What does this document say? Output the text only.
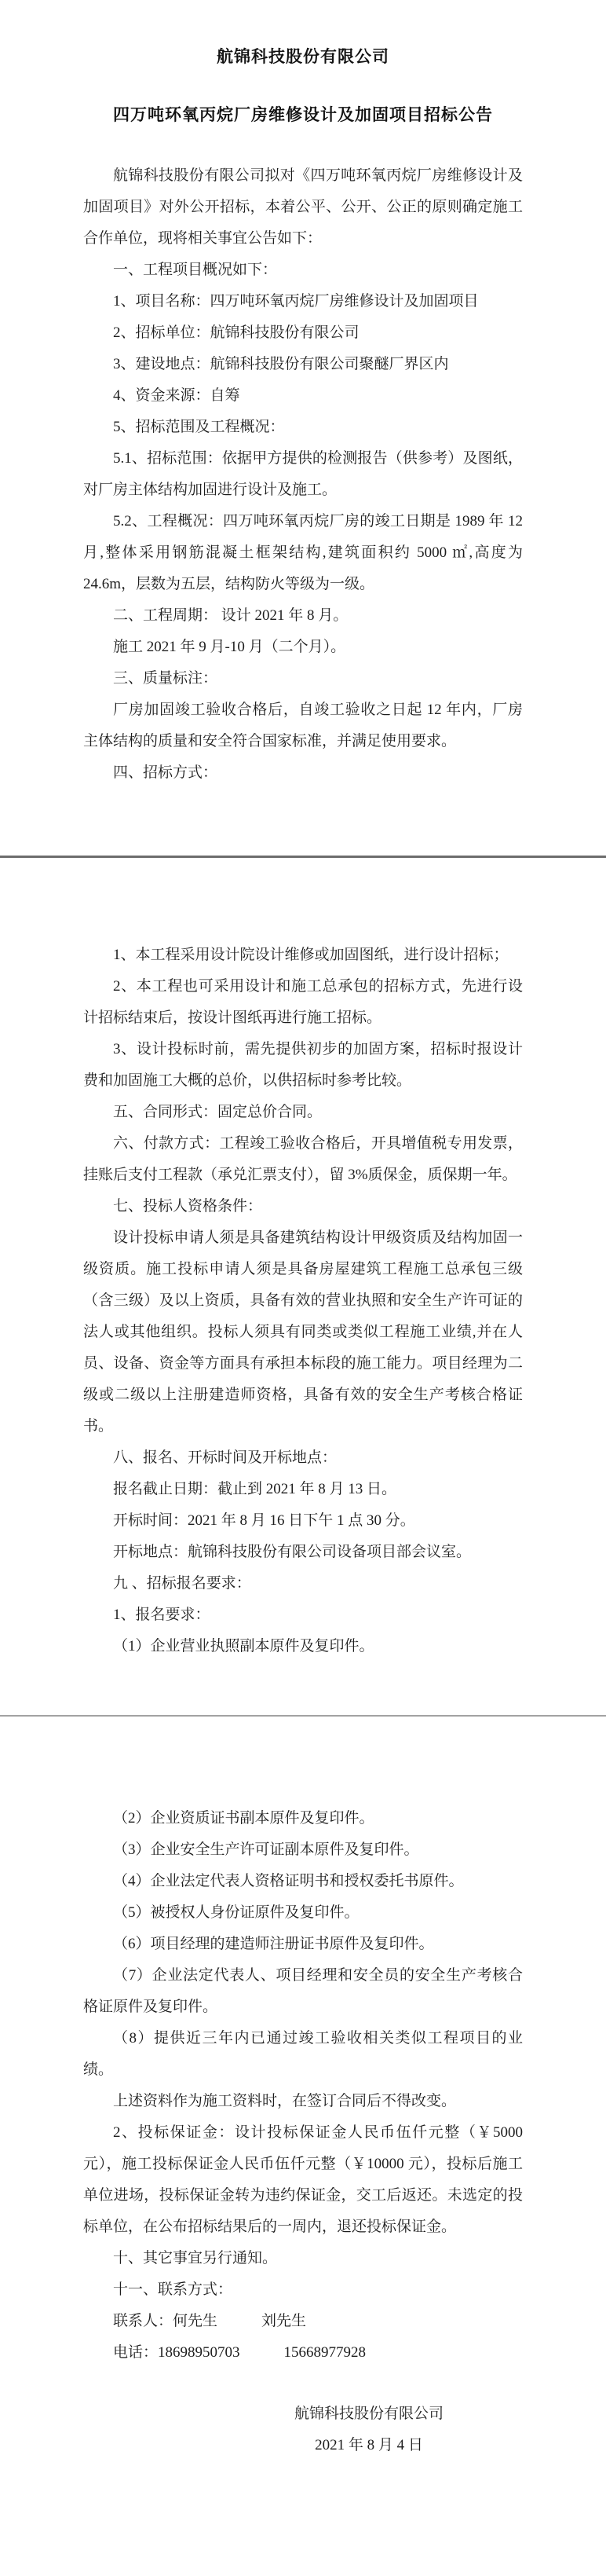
航锦科技股份有限公司
四万吨环氧丙烷厂房维修设计及加固项目招标公告

航锦科技股份有限公司拟对《四万吨环氧丙烷厂房维修设计及加固项目》对外公开招标，本着公平、公开、公正的原则确定施工合作单位，现将相关事宜公告如下：

一、工程项目概况如下：

1、项目名称：四万吨环氧丙烷厂房维修设计及加固项目

2、招标单位：航锦科技股份有限公司

3、建设地点：航锦科技股份有限公司聚醚厂界区内

4、资金来源：自筹

5、招标范围及工程概况：

5.1、招标范围：依据甲方提供的检测报告（供参考）及图纸，对厂房主体结构加固进行设计及施工。

5.2、工程概况：四万吨环氧丙烷厂房的竣工日期是 1989 年 12 月,整体采用钢筋混凝土框架结构,建筑面积约 5000 ㎡,高度为 24.6m，层数为五层，结构防火等级为一级。

二、工程周期： 设计 2021 年 8 月。

施工 2021 年 9 月-10 月（二个月）。

三、质量标注：

厂房加固竣工验收合格后，自竣工验收之日起 12 年内，厂房主体结构的质量和安全符合国家标准，并满足使用要求。

四、招标方式：

1、本工程采用设计院设计维修或加固图纸，进行设计招标；

2、本工程也可采用设计和施工总承包的招标方式，先进行设计招标结束后，按设计图纸再进行施工招标。

3、设计投标时前，需先提供初步的加固方案，招标时报设计费和加固施工大概的总价，以供招标时参考比较。

五、合同形式：固定总价合同。

六、付款方式：工程竣工验收合格后，开具增值税专用发票，挂账后支付工程款（承兑汇票支付），留 3%质保金，质保期一年。

七、投标人资格条件：

设计投标申请人须是具备建筑结构设计甲级资质及结构加固一级资质。施工投标申请人须是具备房屋建筑工程施工总承包三级（含三级）及以上资质，具备有效的营业执照和安全生产许可证的法人或其他组织。投标人须具有同类或类似工程施工业绩,并在人员、设备、资金等方面具有承担本标段的施工能力。项目经理为二级或二级以上注册建造师资格，具备有效的安全生产考核合格证书。

八、报名、开标时间及开标地点：

报名截止日期：截止到 2021 年 8 月 13 日。

开标时间：2021 年 8 月 16 日下午 1 点 30 分。

开标地点：航锦科技股份有限公司设备项目部会议室。

九 、招标报名要求：

1、报名要求：

（1）企业营业执照副本原件及复印件。

（2）企业资质证书副本原件及复印件。

（3）企业安全生产许可证副本原件及复印件。

（4）企业法定代表人资格证明书和授权委托书原件。

（5）被授权人身份证原件及复印件。

（6）项目经理的建造师注册证书原件及复印件。

（7）企业法定代表人、项目经理和安全员的安全生产考核合格证原件及复印件。

（8）提供近三年内已通过竣工验收相关类似工程项目的业绩。

上述资料作为施工资料时，在签订合同后不得改变。

2、投标保证金：设计投标保证金人民币伍仟元整（￥5000 元），施工投标保证金人民币伍仟元整（￥10000 元），投标后施工单位进场，投标保证金转为违约保证金，交工后返还。未选定的投标单位，在公布招标结果后的一周内，退还投标保证金。

十、其它事宜另行通知。

十一、联系方式：

联系人：何先生	刘先生

电话：18698950703	15668977928

航锦科技股份有限公司
2021 年 8 月 4 日
